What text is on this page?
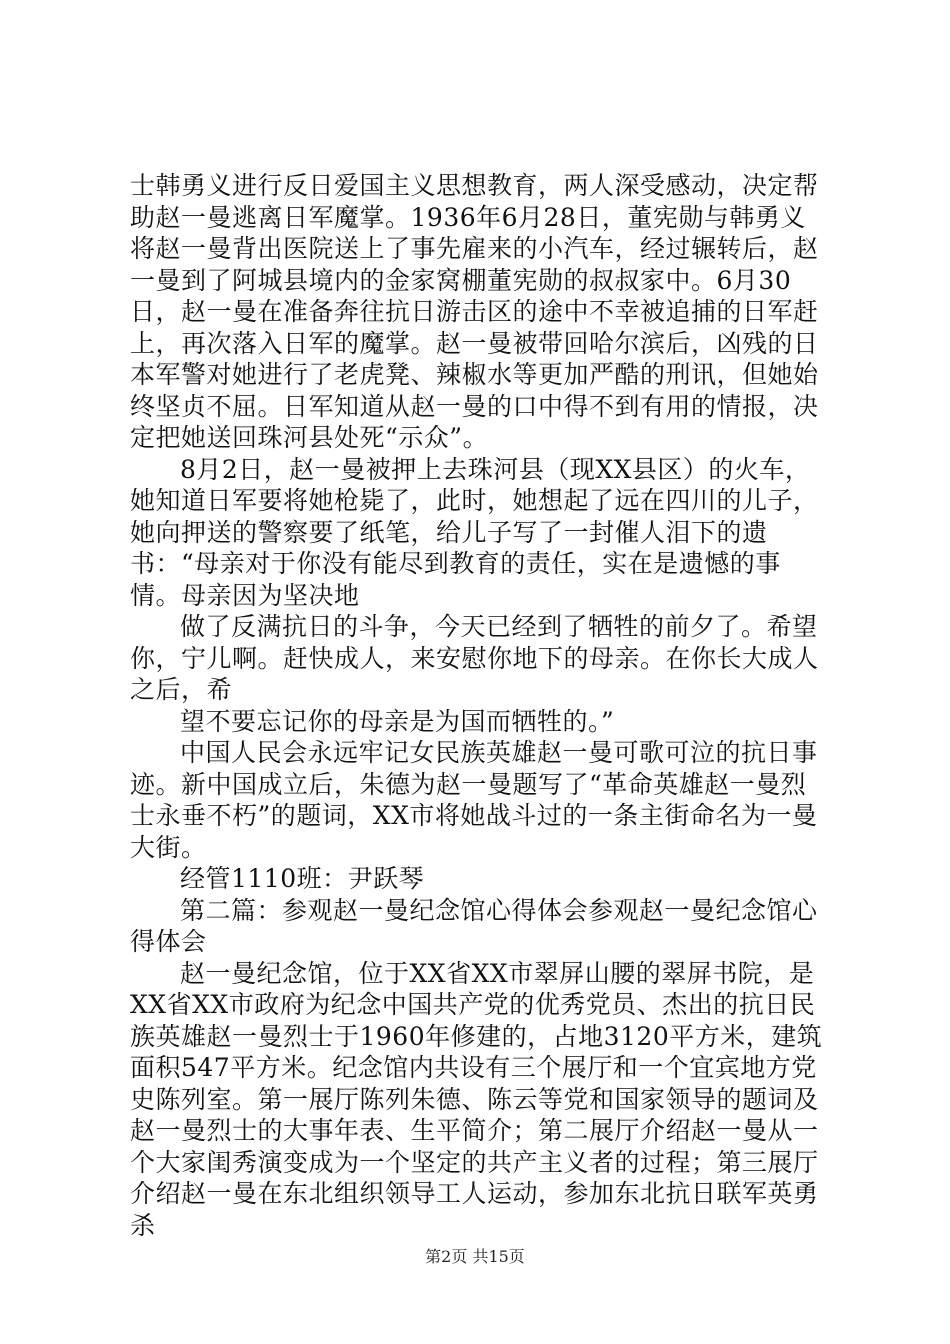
士韩勇义进行反日爱国主义思想教育，两人深受感动，决定帮助赵一曼逃离日军魔掌。1936年6月28日，董宪勋与韩勇义将赵一曼背出医院送上了事先雇来的小汽车，经过辗转后，赵一曼到了阿城县境内的金家窝棚董宪勋的叔叔家中。6月30日，赵一曼在准备奔往抗日游击区的途中不幸被追捕的日军赶上，再次落入日军的魔掌。赵一曼被带回哈尔滨后，凶残的日本军警对她进行了老虎凳、辣椒水等更加严酷的刑讯，但她始终坚贞不屈。日军知道从赵一曼的口中得不到有用的情报，决定把她送回珠河县处死“示众”。

8月2日，赵一曼被押上去珠河县（现XX县区）的火车，她知道日军要将她枪毙了，此时，她想起了远在四川的儿子，她向押送的警察要了纸笔，给儿子写了一封催人泪下的遗书：“母亲对于你没有能尽到教育的责任，实在是遗憾的事情。母亲因为坚决地

做了反满抗日的斗争，今天已经到了牺牲的前夕了。希望你，宁儿啊。赶快成人，来安慰你地下的母亲。在你长大成人之后，希

望不要忘记你的母亲是为国而牺牲的。”

中国人民会永远牢记女民族英雄赵一曼可歌可泣的抗日事迹。新中国成立后，朱德为赵一曼题写了“革命英雄赵一曼烈士永垂不朽”的题词，XX市将她战斗过的一条主街命名为一曼大街。

经管1110班：尹跃琴

第二篇：参观赵一曼纪念馆心得体会参观赵一曼纪念馆心得体会

赵一曼纪念馆，位于XX省XX市翠屏山腰的翠屏书院，是XX省XX市政府为纪念中国共产党的优秀党员、杰出的抗日民族英雄赵一曼烈士于1960年修建的，占地3120平方米，建筑面积547平方米。纪念馆内共设有三个展厅和一个宜宾地方党史陈列室。第一展厅陈列朱德、陈云等党和国家领导的题词及赵一曼烈士的大事年表、生平简介；第二展厅介绍赵一曼从一个大家闺秀演变成为一个坚定的共产主义者的过程；第三展厅介绍赵一曼在东北组织领导工人运动，参加东北抗日联军英勇杀

第2页 共15页
